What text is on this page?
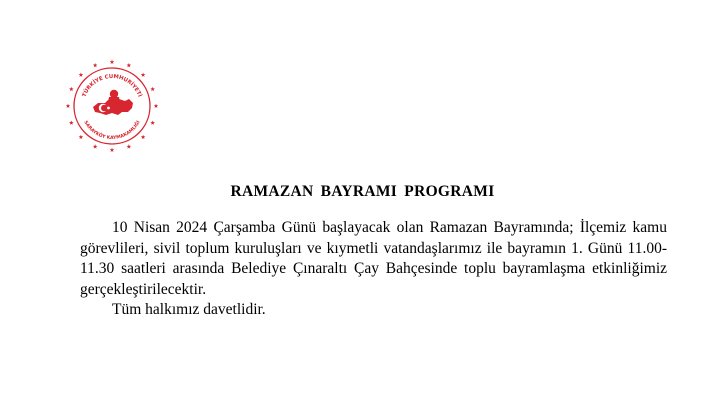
TÜRKİYE CUMHURİYETİ
SARAYKÖY KAYMAKAMLIĞI
RAMAZAN BAYRAMI PROGRAMI

10 Nisan 2024 Çarşamba Günü başlayacak olan Ramazan Bayramında; İlçemiz kamu görevlileri, sivil toplum kuruluşları ve kıymetli vatandaşlarımız ile bayramın 1. Günü 11.00-11.30 saatleri arasında Belediye Çınaraltı Çay Bahçesinde toplu bayramlaşma etkinliğimiz gerçekleştirilecektir.

Tüm halkımız davetlidir.
